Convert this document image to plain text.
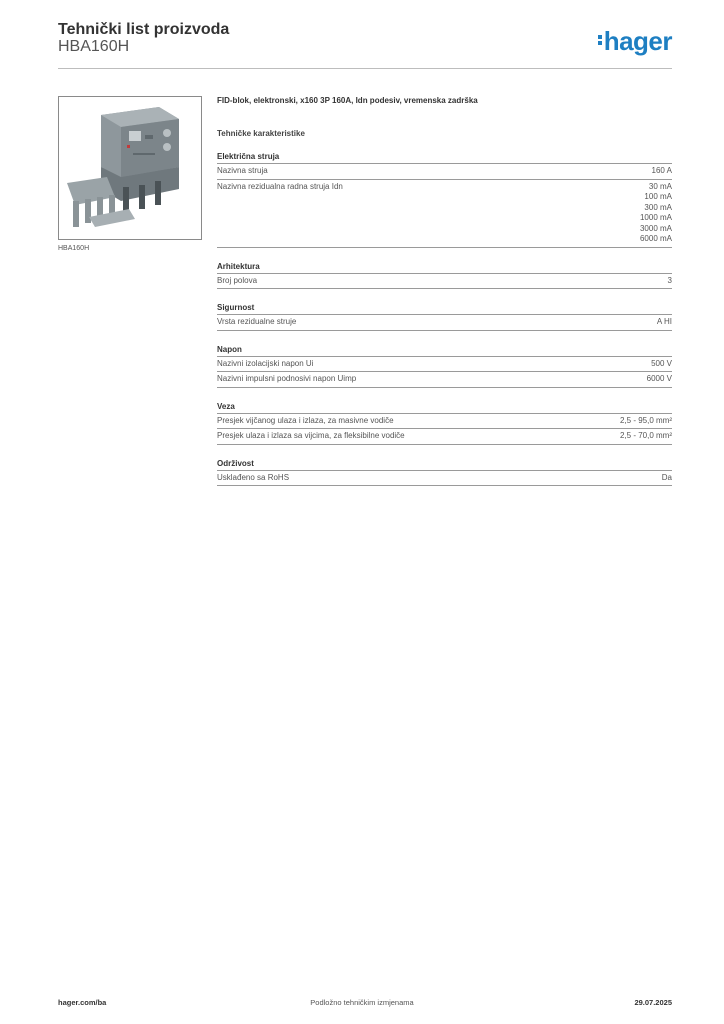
Tehnički list proizvoda
HBA160H	hager
HBA160H
FID-blok, elektronski, x160 3P 160A, Idn podesiv, vremenska zadrška
Tehničke karakteristike
Električna struja
Nazivna struja	160 A
Nazivna rezidualna radna struja Idn	30 mA
100 mA
300 mA
1000 mA
3000 mA
6000 mA
Arhitektura
Broj polova	3
Sigurnost
Vrsta rezidualne struje	A HI
Napon
Nazivni izolacijski napon Ui	500 V
Nazivni impulsni podnosivi napon Uimp	6000 V
Veza
Presjek vijčanog ulaza i izlaza, za masivne vodiče	2,5 - 95,0 mm²
Presjek ulaza i izlaza sa vijcima, za fleksibilne vodiče	2,5 - 70,0 mm²
Održivost
Usklađeno sa RoHS	Da
hager.com/ba	Podložno tehničkim izmjenama	29.07.2025
